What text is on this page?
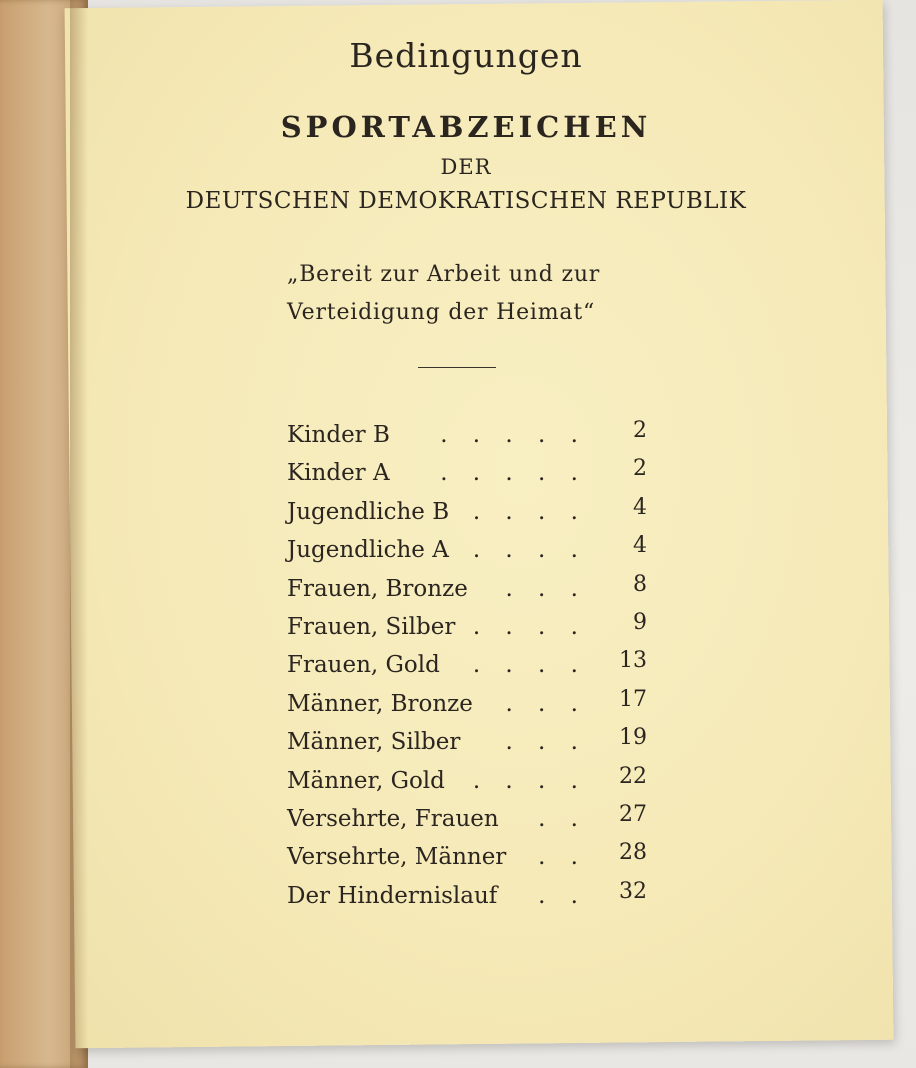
Bedingungen
SPORTABZEICHEN
DER
DEUTSCHEN DEMOKRATISCHEN REPUBLIK
„Bereit zur Arbeit und zur
Verteidigung der Heimat“
Kinder B	. . . . . 2
Kinder A	. . . . . 2
Jugendliche B	. . . . 4
Jugendliche A	. . . . 4
Frauen, Bronze	. . . 8
Frauen, Silber . . . . 9
Frauen, Gold	. . . . 13
Männer, Bronze	. . . 17
Männer, Silber	. . . 19
Männer, Gold	. . . . 22
Versehrte, Frauen	. . 27
Versehrte, Männer	. . 28
Der Hindernislauf	. . 32
